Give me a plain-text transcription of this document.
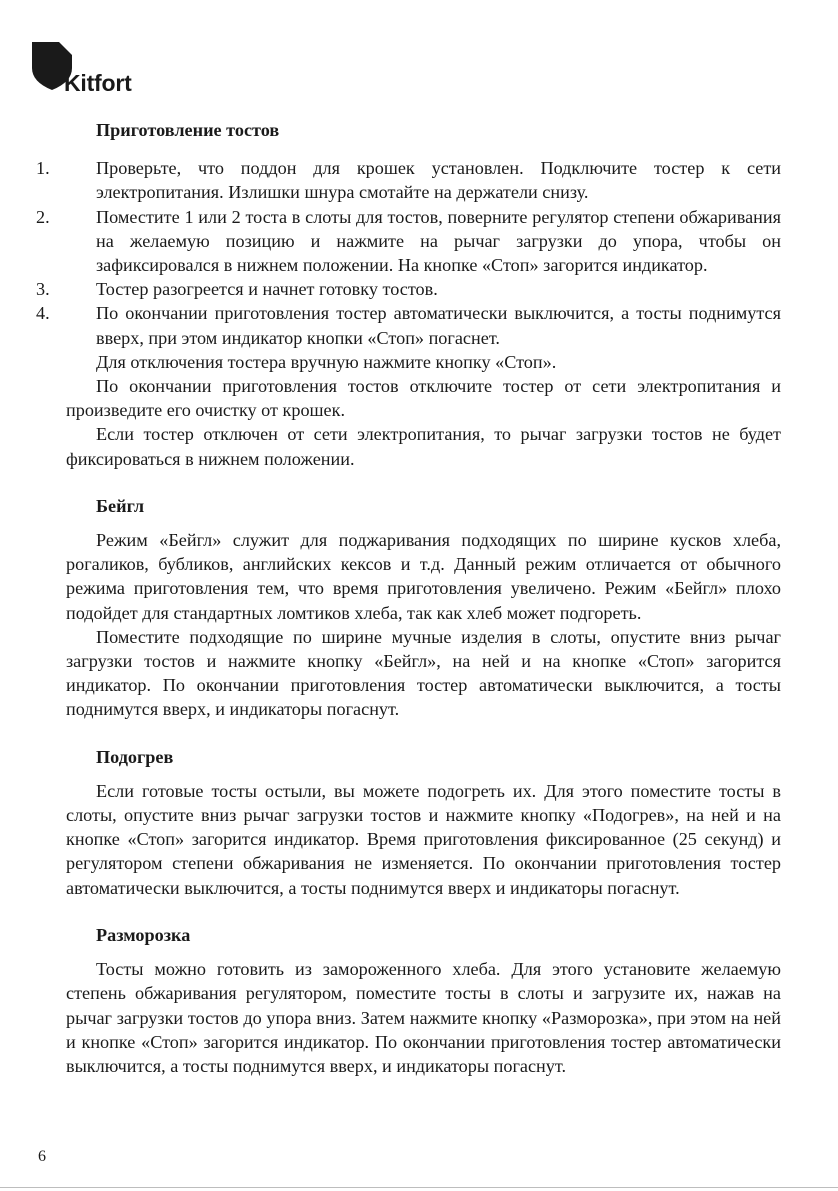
Kitfort
Приготовление тостов
1.	Проверьте, что поддон для крошек установлен. Подключите тостер к сети электропитания. Излишки шнура смотайте на держатели снизу.
2.	Поместите 1 или 2 тоста в слоты для тостов, поверните регулятор степени обжаривания на желаемую позицию и нажмите на рычаг загрузки до упора, чтобы он зафиксировался в нижнем положении. На кнопке «Стоп» загорится индикатор.
3.	Тостер разогреется и начнет готовку тостов.
4.	По окончании приготовления тостер автоматически выключится, а тосты поднимутся вверх, при этом индикатор кнопки «Стоп» погаснет.

Для отключения тостера вручную нажмите кнопку «Стоп».

По окончании приготовления тостов отключите тостер от сети электропитания и произведите его очистку от крошек.

Если тостер отключен от сети электропитания, то рычаг загрузки тостов не будет фиксироваться в нижнем положении.

Бейгл

Режим «Бейгл» служит для поджаривания подходящих по ширине кусков хлеба, рогаликов, бубликов, английских кексов и т.д. Данный режим отличается от обычного режима приготовления тем, что время приготовления увеличено. Режим «Бейгл» плохо подойдет для стандартных ломтиков хлеба, так как хлеб может подгореть.

Поместите подходящие по ширине мучные изделия в слоты, опустите вниз рычаг загрузки тостов и нажмите кнопку «Бейгл», на ней и на кнопке «Стоп» загорится индикатор. По окончании приготовления тостер автоматически выключится, а тосты поднимутся вверх, и индикаторы погаснут.

Подогрев

Если готовые тосты остыли, вы можете подогреть их. Для этого поместите тосты в слоты, опустите вниз рычаг загрузки тостов и нажмите кнопку «Подогрев», на ней и на кнопке «Стоп» загорится индикатор. Время приготовления фиксированное (25 секунд) и регулятором степени обжаривания не изменяется. По окончании приготовления тостер автоматически выключится, а тосты поднимутся вверх и индикаторы погаснут.

Разморозка

Тосты можно готовить из замороженного хлеба. Для этого установите желаемую степень обжаривания регулятором, поместите тосты в слоты и загрузите их, нажав на рычаг загрузки тостов до упора вниз. Затем нажмите кнопку «Разморозка», при этом на ней и кнопке «Стоп» загорится индикатор. По окончании приготовления тостер автоматически выключится, а тосты поднимутся вверх, и индикаторы погаснут.

6
